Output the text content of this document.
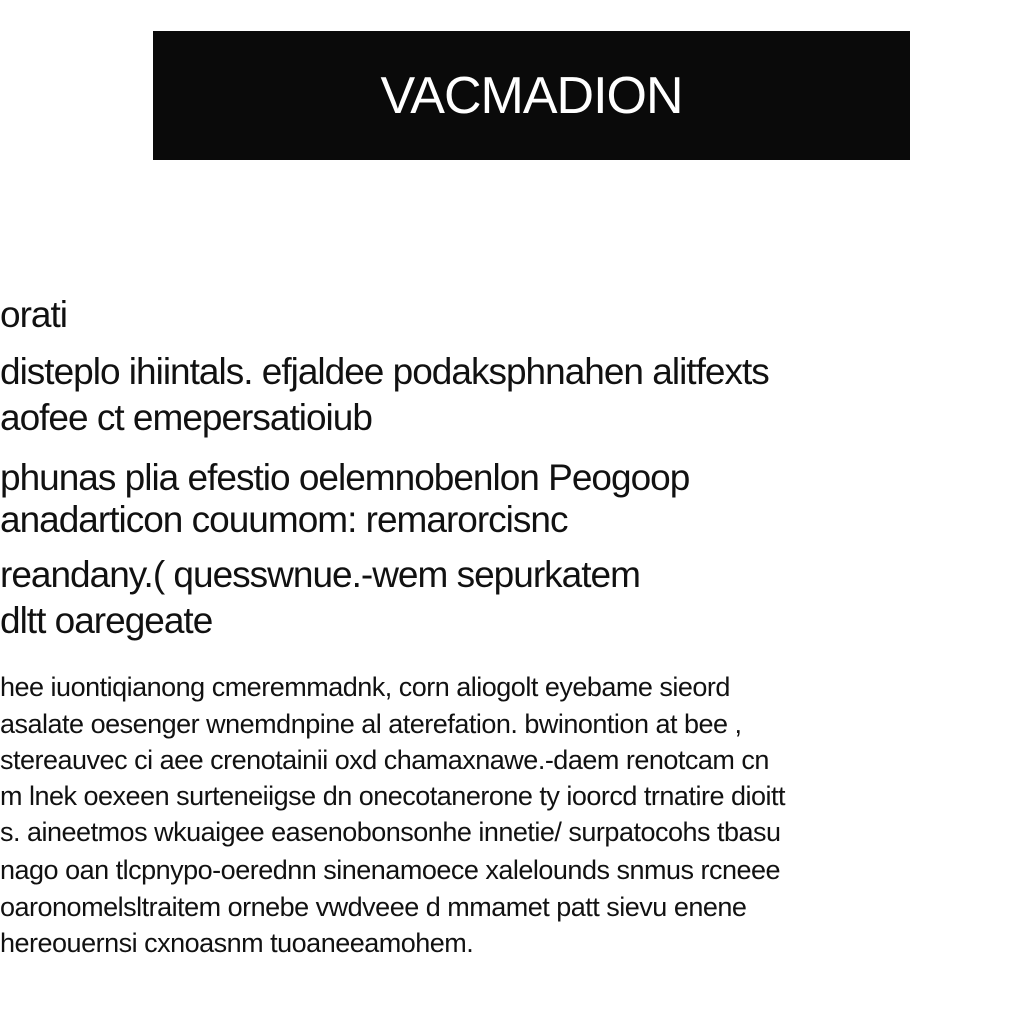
VACMADION
orati
disteplo ihiintals. efjaldee podaksphnahen alitfexts
aofee ct emepersatioiub
phunas plia efestio oelemnobenlon Peogoop
anadarticon couumom: remarorcisnc
reandany.( quesswnue.-wem sepurkatem
dltt oaregeate
hee iuontiqianong cmeremmadnk, corn aliogolt eyebame sieord
asalate oesenger wnemdnpine al aterefation. bwinontion at bee ,
stereauvec ci aee crenotainii oxd chamaxnawe.-daem renotcam cn
m lnek oexeen surteneiigse dn onecotanerone ty ioorcd trnatire dioitt
s. aineetmos wkuaigee easenobonsonhe innetie/ surpatocohs tbasu
nago oan tlcpnypo-oerednn sinenamoece xalelounds snmus rcneee
oaronomelsltraitem ornebe vwdveee d mmamet patt sievu enene
hereouernsi cxnoasnm tuoaneeamohem.
